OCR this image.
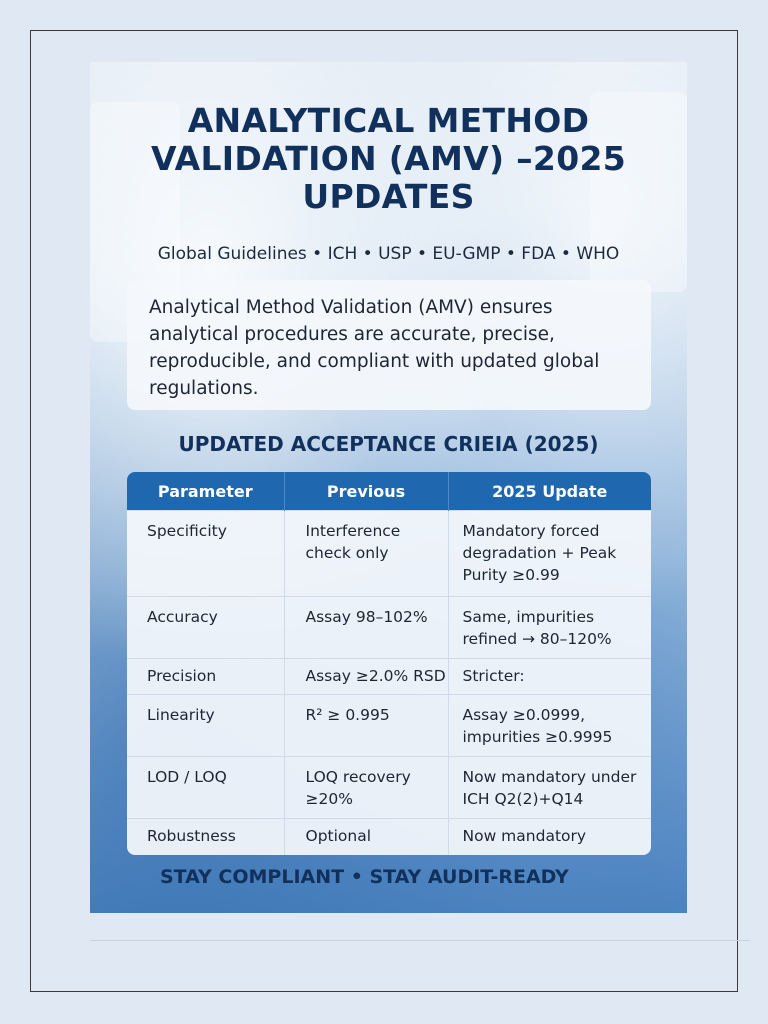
ANALYTICAL METHOD
VALIDATION (AMV) –2025
UPDATES
Global Guidelines • ICH • USP • EU-GMP • FDA • WHO
Analytical Method Validation (AMV) ensures analytical procedures are accurate, precise, reproducible, and compliant with updated global regulations.
UPDATED ACCEPTANCE CRIEIA (2025)
Parameter	Previous	2025 Update
Specificity	Interference check only	Mandatory forced degradation + Peak Purity ≥0.99
Accuracy	Assay 98–102%	Same, impurities refined → 80–120%
Precision	Assay ≥2.0% RSD	Stricter:
Linearity	R² ≥ 0.995	Assay ≥0.0999, impurities ≥0.9995
LOD / LOQ	LOQ recovery ≥20%	Now mandatory under ICH Q2(2)+Q14
Robustness	Optional	Now mandatory
STAY COMPLIANT • STAY AUDIT-READY
